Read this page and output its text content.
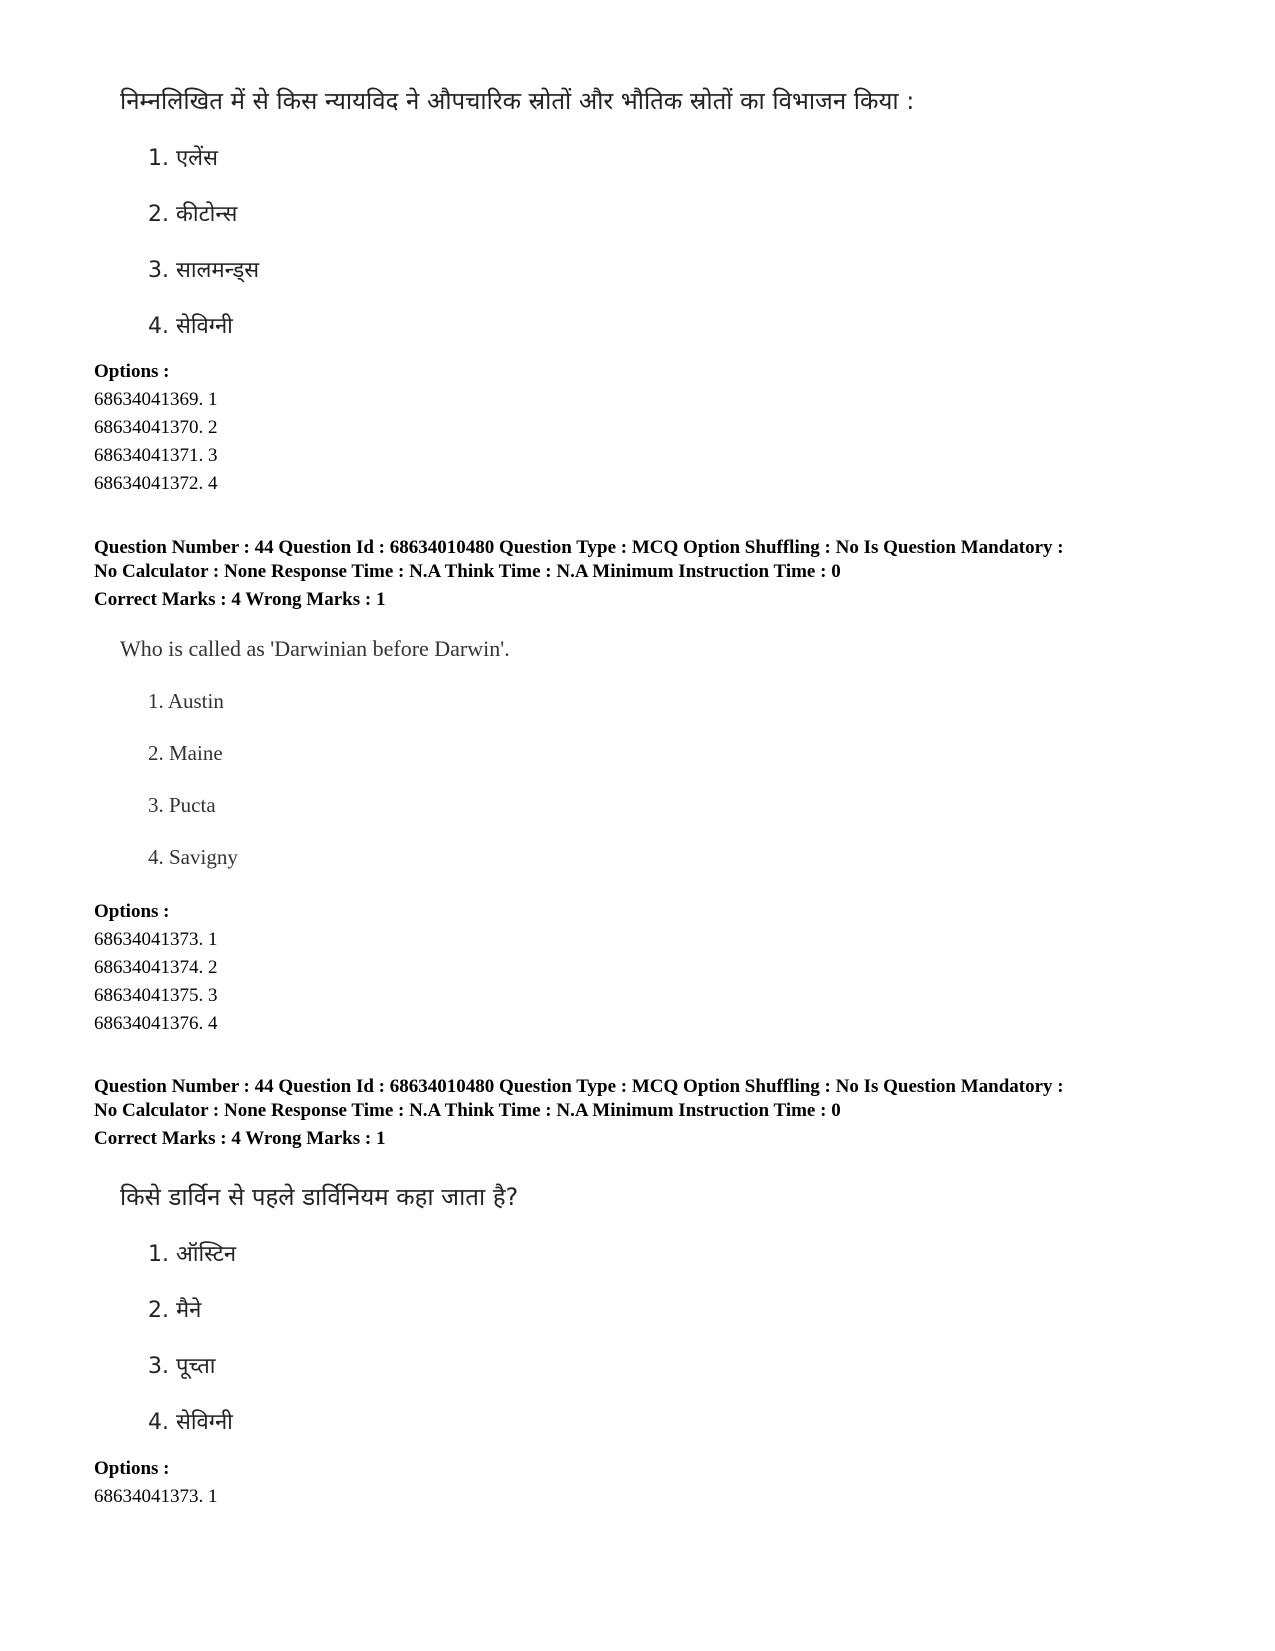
निम्नलिखित में से किस न्यायविद ने औपचारिक स्रोतों और भौतिक स्रोतों का विभाजन किया :
1. एलेंस
2. कीटोन्स
3. सालमन्ड्स
4. सेविग्नी
Options :
68634041369. 1
68634041370. 2
68634041371. 3
68634041372. 4
Question Number : 44 Question Id : 68634010480 Question Type : MCQ Option Shuffling : No Is Question Mandatory :
No Calculator : None Response Time : N.A Think Time : N.A Minimum Instruction Time : 0
Correct Marks : 4 Wrong Marks : 1
Who is called as 'Darwinian before Darwin'.
1. Austin
2. Maine
3. Pucta
4. Savigny
Options :
68634041373. 1
68634041374. 2
68634041375. 3
68634041376. 4
Question Number : 44 Question Id : 68634010480 Question Type : MCQ Option Shuffling : No Is Question Mandatory :
No Calculator : None Response Time : N.A Think Time : N.A Minimum Instruction Time : 0
Correct Marks : 4 Wrong Marks : 1
किसे डार्विन से पहले डार्विनियम कहा जाता है?
1. ऑस्टिन
2. मैने
3. पूच्ता
4. सेविग्नी
Options :
68634041373. 1
